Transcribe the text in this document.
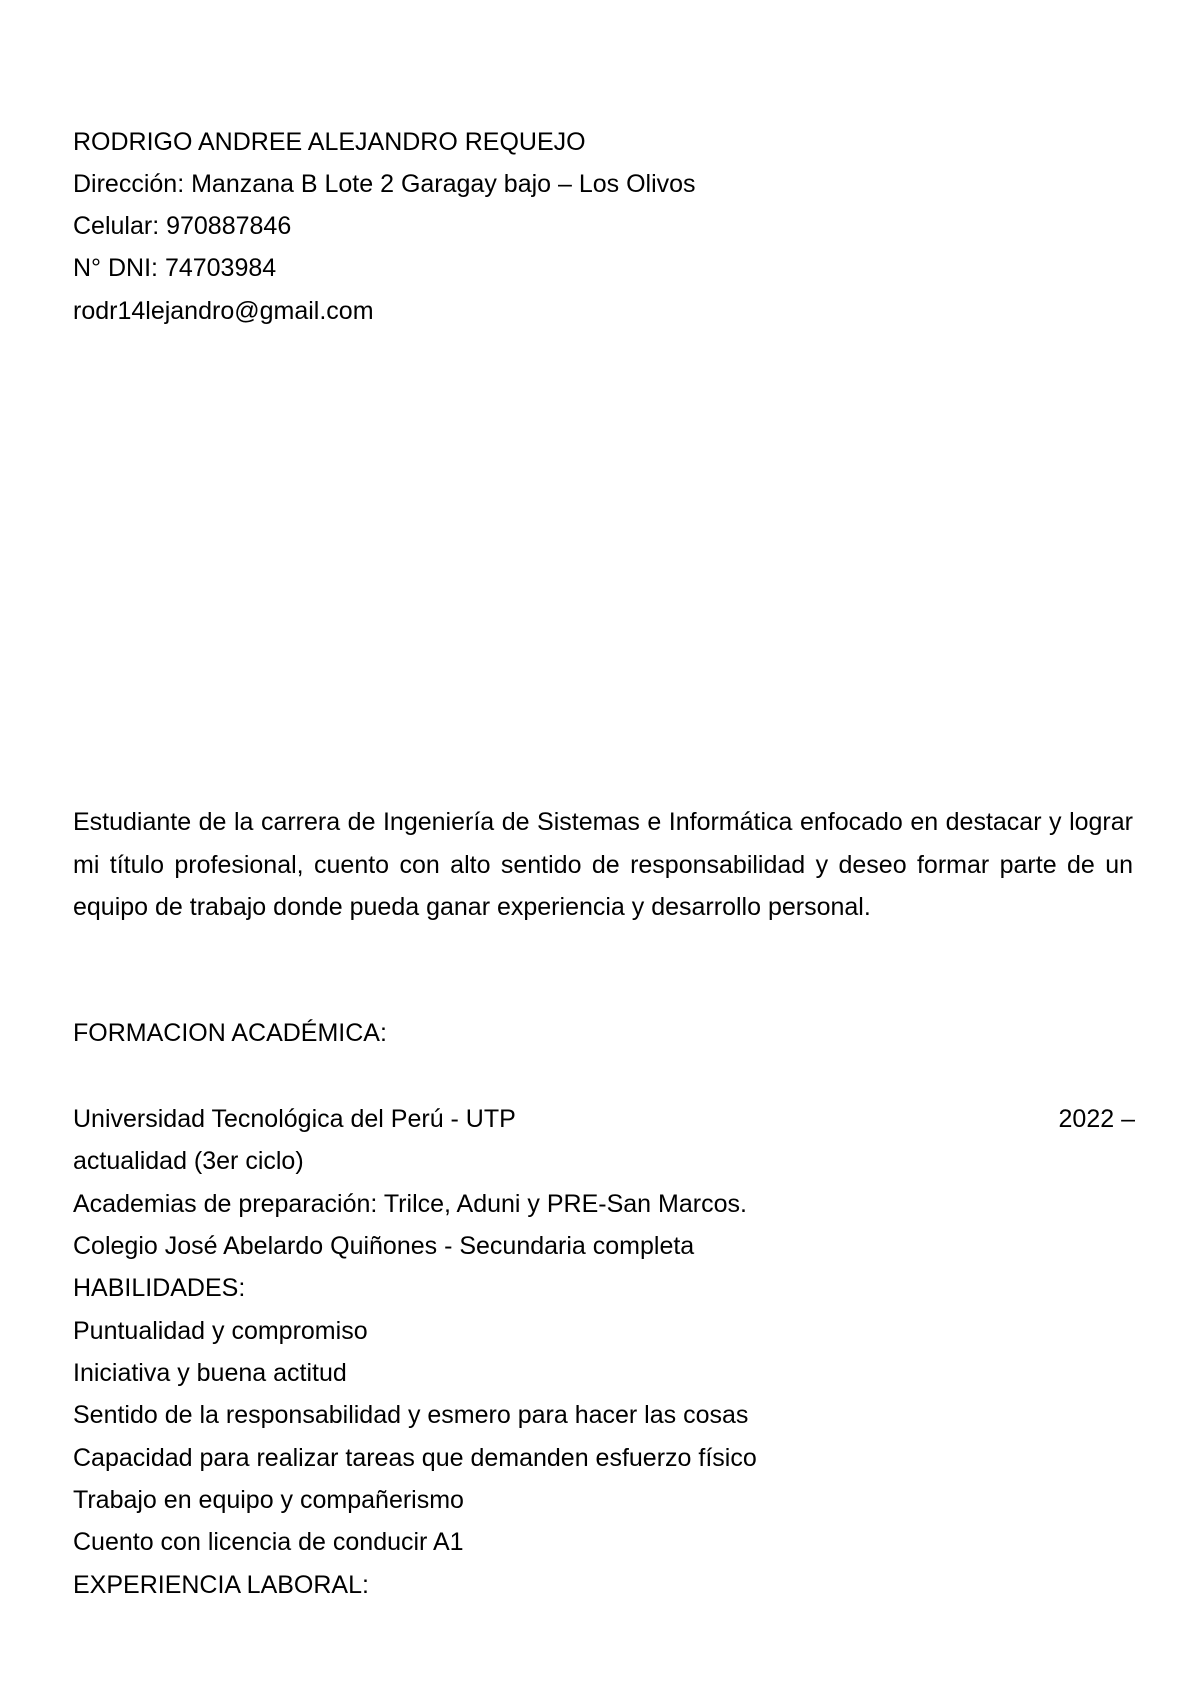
RODRIGO ANDREE ALEJANDRO REQUEJO
Dirección: Manzana B Lote 2 Garagay bajo – Los Olivos
Celular: 970887846
N° DNI: 74703984
rodr14lejandro@gmail.com
Estudiante de la carrera de Ingeniería de Sistemas e Informática enfocado en destacar y lograr mi título profesional, cuento con alto sentido de responsabilidad y deseo formar parte de un equipo de trabajo donde pueda ganar experiencia y desarrollo personal.
FORMACION ACADÉMICA:
Universidad Tecnológica del Perú - UTP	2022 –
actualidad (3er ciclo)
Academias de preparación: Trilce, Aduni y PRE-San Marcos.
Colegio José Abelardo Quiñones - Secundaria completa
HABILIDADES:
Puntualidad y compromiso
Iniciativa y buena actitud
Sentido de la responsabilidad y esmero para hacer las cosas
Capacidad para realizar tareas que demanden esfuerzo físico
Trabajo en equipo y compañerismo
Cuento con licencia de conducir A1
EXPERIENCIA LABORAL:
